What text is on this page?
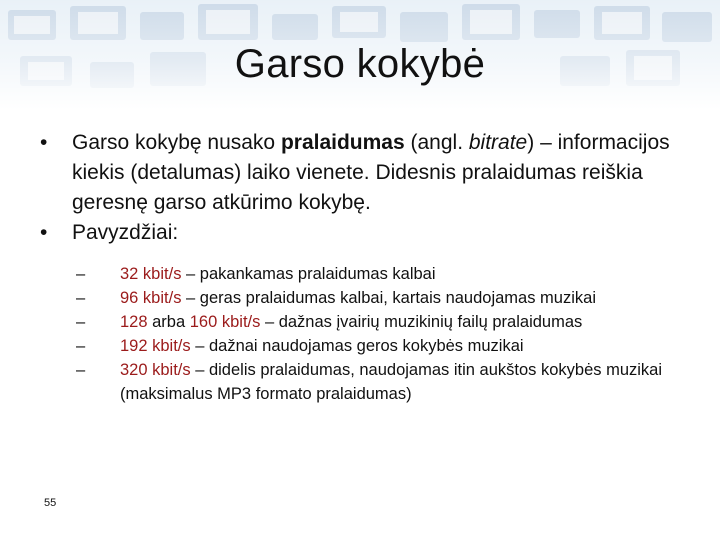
Garso kokybė
• Garso kokybę nusako pralaidumas (angl. bitrate) – informacijos kiekis (detalumas) laiko vienete. Didesnis pralaidumas reiškia geresnę garso atkūrimo kokybę.
• Pavyzdžiai:
– 32 kbit/s – pakankamas pralaidumas kalbai
– 96 kbit/s – geras pralaidumas kalbai, kartais naudojamas muzikai
– 128 arba 160 kbit/s – dažnas įvairių muzikinių failų pralaidumas
– 192 kbit/s – dažnai naudojamas geros kokybės muzikai
– 320 kbit/s – didelis pralaidumas, naudojamas itin aukštos kokybės muzikai (maksimalus MP3 formato pralaidumas)
55
